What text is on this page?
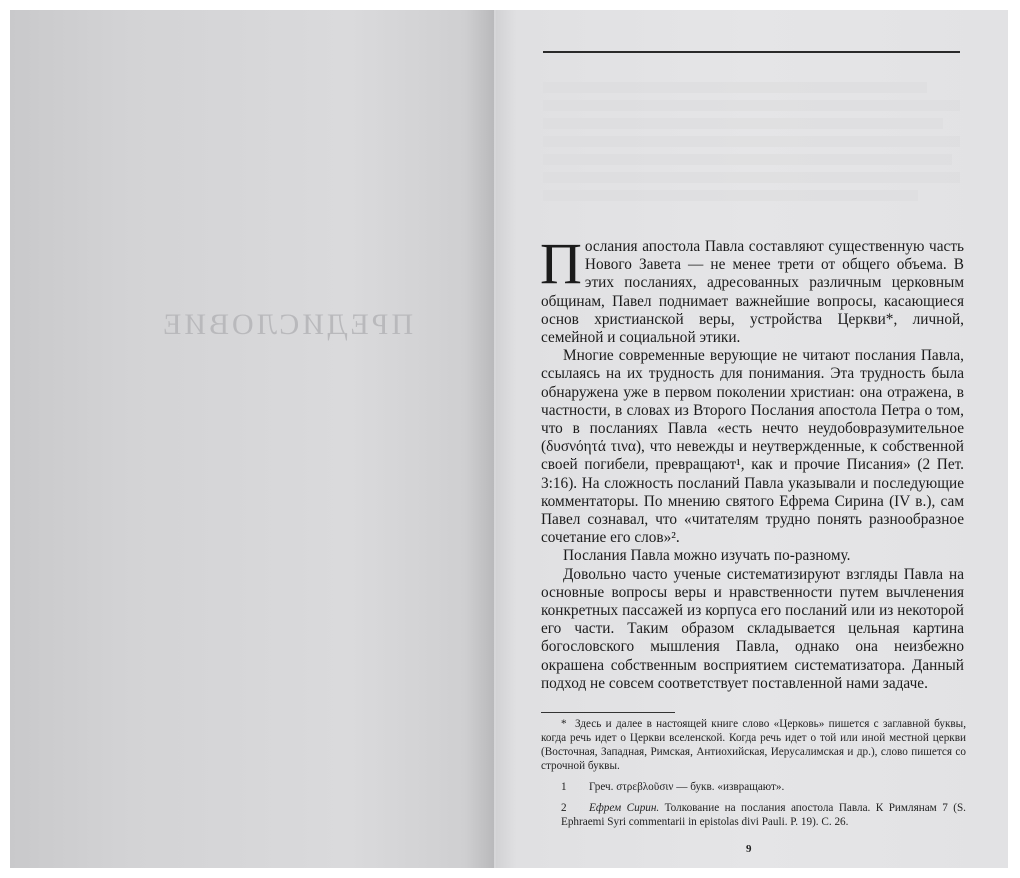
ПРЕДИСЛОВИЕ

Послания апостола Павла составляют существенную часть Нового Завета — не менее трети от общего объема. В этих посланиях, адресованных различным церковным общинам, Павел поднимает важнейшие вопросы, касающиеся основ христианской веры, устройства Церкви*, личной, семейной и социальной этики.

Многие современные верующие не читают послания Павла, ссылаясь на их трудность для понимания. Эта трудность была обнаружена уже в первом поколении христиан: она отражена, в частности, в словах из Второго Послания апостола Петра о том, что в посланиях Павла «есть нечто неудобовразумительное (δυσνόητά τινα), что невежды и неутвержденные, к собственной своей погибели, превращают¹, как и прочие Писания» (2 Пет. 3:16). На сложность посланий Павла указывали и последующие комментаторы. По мнению святого Ефрема Сирина (IV в.), сам Павел сознавал, что «читателям трудно понять разнообразное сочетание его слов»².

Послания Павла можно изучать по-разному.

Довольно часто ученые систематизируют взгляды Павла на основные вопросы веры и нравственности путем вычленения конкретных пассажей из корпуса его посланий или из некоторой его части. Таким образом складывается цельная картина богословского мышления Павла, однако она неизбежно окрашена собственным восприятием систематизатора. Данный подход не совсем соответствует поставленной нами задаче.

* Здесь и далее в настоящей книге слово «Церковь» пишется с заглавной буквы, когда речь идет о Церкви вселенской. Когда речь идет о той или иной местной церкви (Восточная, Западная, Римская, Антиохийская, Иерусалимская и др.), слово пишется со строчной буквы.

1 Греч. στρεβλοῦσιν — букв. «извращают».

2 Ефрем Сирин. Толкование на послания апостола Павла. К Римлянам 7 (S. Ephraemi Syri commentarii in epistolas divi Pauli. P. 19). С. 26.

9
